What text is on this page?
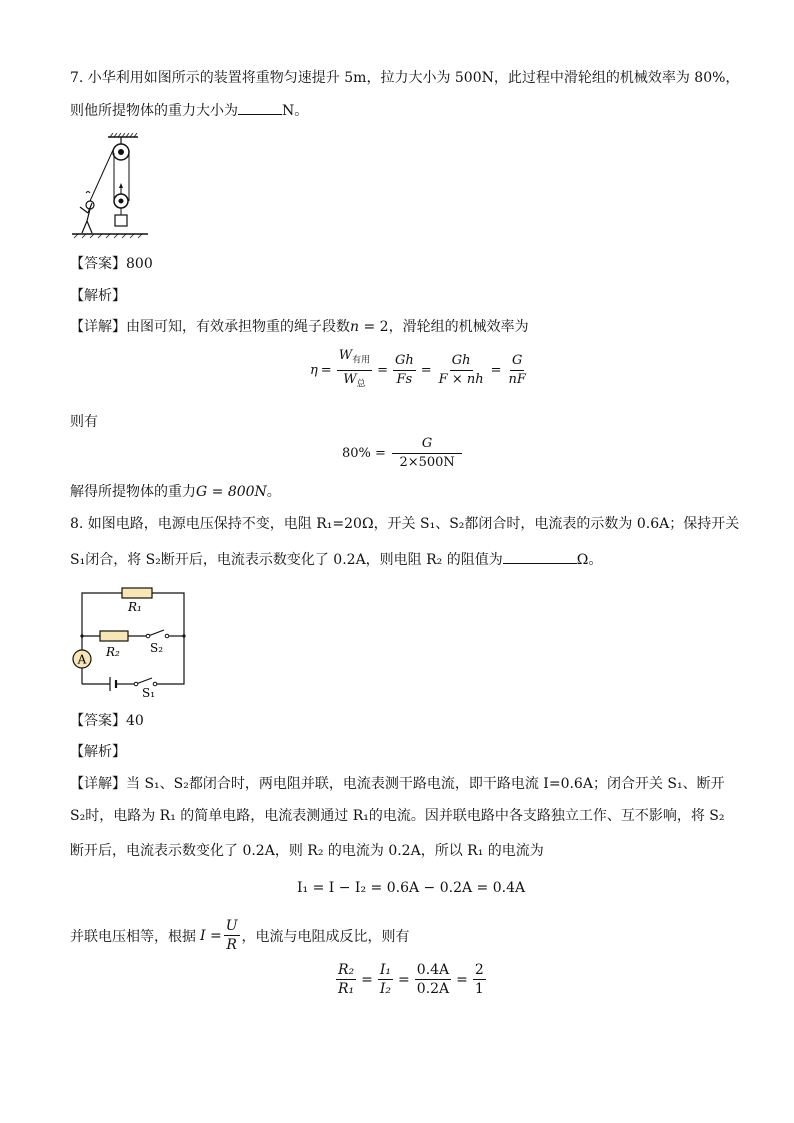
7. 小华利用如图所示的装置将重物匀速提升 5m，拉力大小为 500N，此过程中滑轮组的机械效率为 80%，
则他所提物体的重力大小为	N。
【答案】800
【解析】
【详解】由图可知，有效承担物重的绳子段数n = 2，滑轮组的机械效率为
$\eta = \frac{W_{有用}}{W_总} = \frac{Gh}{Fs} = \frac{Gh}{F \times nh} = \frac{G}{nF}$
则有
$80\% = \frac{G}{2\times 500N}$
解得所提物体的重力G = 800N。
8. 如图电路，电源电压保持不变，电阻 R₁=20Ω，开关 S₁、S₂都闭合时，电流表的示数为 0.6A；保持开关
S₁闭合，将 S₂断开后，电流表示数变化了 0.2A，则电阻 R₂ 的阻值为	Ω。
A
R₁
R₂	S₂
S₁
【答案】40
【解析】
【详解】当 S₁、S₂都闭合时，两电阻并联，电流表测干路电流，即干路电流 I=0.6A；闭合开关 S₁、断开
S₂时，电路为 R₁ 的简单电路，电流表测通过 R₁的电流。因并联电路中各支路独立工作、互不影响，将 S₂
断开后，电流表示数变化了 0.2A，则 R₂ 的电流为 0.2A，所以 R₁ 的电流为
I₁ = I − I₂ = 0.6A − 0.2A = 0.4A
并联电压相等，根据 $I = \frac{U}{R}$ ，电流与电阻成反比，则有
$\frac{\text{R₂}}{\text{R₁}} = \frac{\text{I₁}}{\text{I₂}} = \frac{0.4A}{0.2A} = \frac{2}{1}$
